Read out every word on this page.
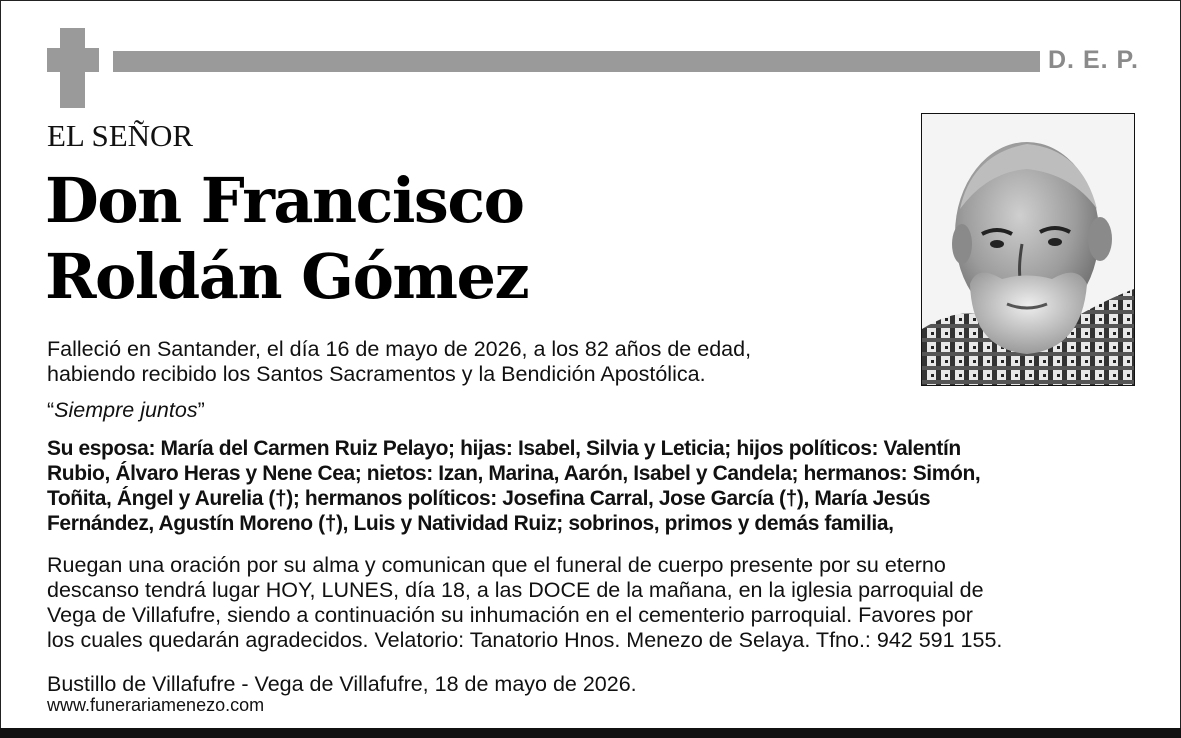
D. E. P.
EL SEÑOR
Don Francisco
Roldán Gómez
Falleció en Santander, el día 16 de mayo de 2026, a los 82 años de edad,
habiendo recibido los Santos Sacramentos y la Bendición Apostólica.
“Siempre juntos”
Su esposa: María del Carmen Ruiz Pelayo; hijas: Isabel, Silvia y Leticia; hijos políticos: Valentín
Rubio, Álvaro Heras y Nene Cea; nietos: Izan, Marina, Aarón, Isabel y Candela; hermanos: Simón,
Toñita, Ángel y Aurelia (†); hermanos políticos: Josefina Carral, Jose García (†), María Jesús
Fernández, Agustín Moreno (†), Luis y Natividad Ruiz; sobrinos, primos y demás familia,
Ruegan una oración por su alma y comunican que el funeral de cuerpo presente por su eterno
descanso tendrá lugar HOY, LUNES, día 18, a las DOCE de la mañana, en la iglesia parroquial de
Vega de Villafufre, siendo a continuación su inhumación en el cementerio parroquial. Favores por
los cuales quedarán agradecidos. Velatorio: Tanatorio Hnos. Menezo de Selaya. Tfno.: 942 591 155.
Bustillo de Villafufre - Vega de Villafufre, 18 de mayo de 2026.
www.funerariamenezo.com
